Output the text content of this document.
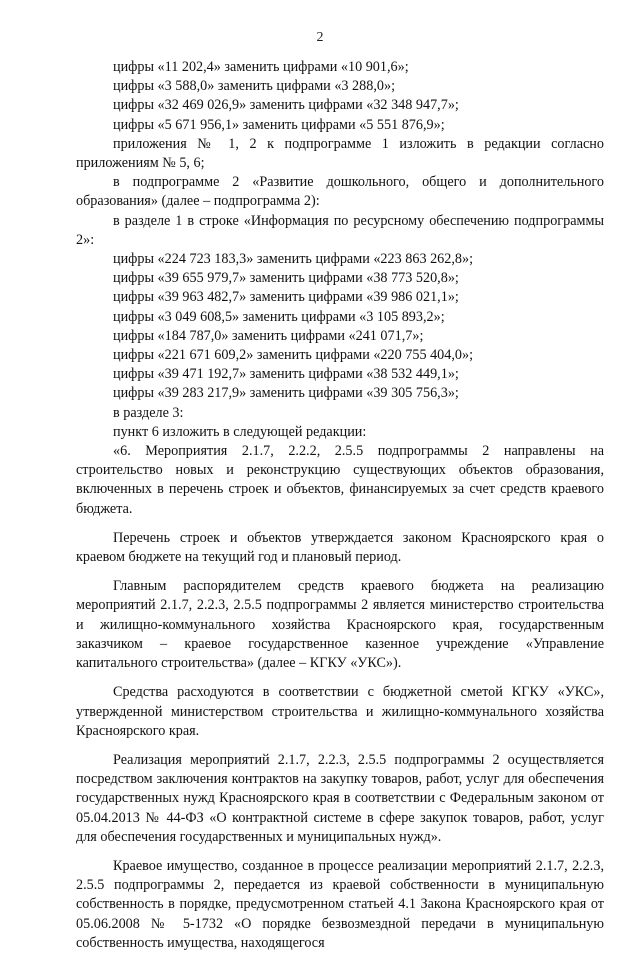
2

цифры «11 202,4» заменить цифрами «10 901,6»;

цифры «3 588,0» заменить цифрами «3 288,0»;

цифры «32 469 026,9» заменить цифрами «32 348 947,7»;

цифры «5 671 956,1» заменить цифрами «5 551 876,9»;

приложения № 1, 2 к подпрограмме 1 изложить в редакции согласно приложениям № 5, 6;

в подпрограмме 2 «Развитие дошкольного, общего и дополнительного образования» (далее – подпрограмма 2):

в разделе 1 в строке «Информация по ресурсному обеспечению подпрограммы 2»:

цифры «224 723 183,3» заменить цифрами «223 863 262,8»;

цифры «39 655 979,7» заменить цифрами «38 773 520,8»;

цифры «39 963 482,7» заменить цифрами «39 986 021,1»;

цифры «3 049 608,5» заменить цифрами «3 105 893,2»;

цифры «184 787,0» заменить цифрами «241 071,7»;

цифры «221 671 609,2» заменить цифрами «220 755 404,0»;

цифры «39 471 192,7» заменить цифрами «38 532 449,1»;

цифры «39 283 217,9» заменить цифрами «39 305 756,3»;

в разделе 3:

пункт 6 изложить в следующей редакции:

«6. Мероприятия 2.1.7, 2.2.2, 2.5.5 подпрограммы 2 направлены на строительство новых и реконструкцию существующих объектов образования, включенных в перечень строек и объектов, финансируемых за счет средств краевого бюджета.

Перечень строек и объектов утверждается законом Красноярского края о краевом бюджете на текущий год и плановый период.

Главным распорядителем средств краевого бюджета на реализацию мероприятий 2.1.7, 2.2.3, 2.5.5 подпрограммы 2 является министерство строительства и жилищно-коммунального хозяйства Красноярского края, государственным заказчиком – краевое государственное казенное учреждение «Управление капитального строительства» (далее – КГКУ «УКС»).

Средства расходуются в соответствии с бюджетной сметой КГКУ «УКС», утвержденной министерством строительства и жилищно-коммунального хозяйства Красноярского края.

Реализация мероприятий 2.1.7, 2.2.3, 2.5.5 подпрограммы 2 осуществляется посредством заключения контрактов на закупку товаров, работ, услуг для обеспечения государственных нужд Красноярского края в соответствии с Федеральным законом от 05.04.2013 № 44-ФЗ «О контрактной системе в сфере закупок товаров, работ, услуг для обеспечения государственных и муниципальных нужд».

Краевое имущество, созданное в процессе реализации мероприятий 2.1.7, 2.2.3, 2.5.5 подпрограммы 2, передается из краевой собственности в муниципальную собственность в порядке, предусмотренном статьей 4.1 Закона Красноярского края от 05.06.2008 № 5-1732 «О порядке безвозмездной передачи в муниципальную собственность имущества, находящегося
